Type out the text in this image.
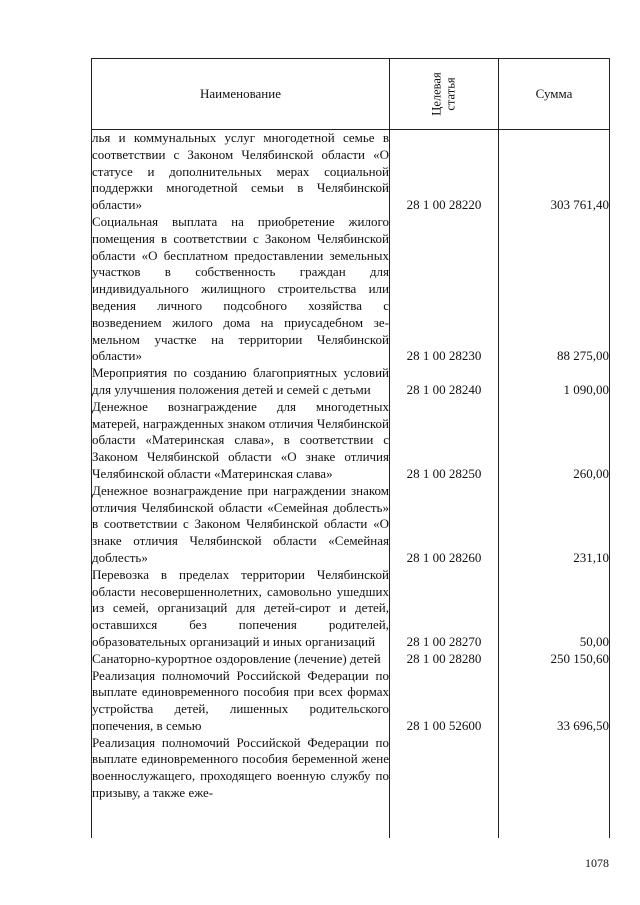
Наименование	Целевая статья	Сумма
лья и коммунальных услуг многодетной семье в соответствии с Законом Челябинской области «О статусе и дополнительных мерах социальной поддержки многодетной семьи в Челябинской области»	28 1 00 28220	303 761,40
Социальная выплата на приобретение жилого помещения в соответствии с Законом Челябинской области «О бесплатном предоставлении земельных участков в собственность граждан для индивидуального жилищного строительства или ведения личного подсобного хозяйства с возведением жилого дома на приусадебном земельном участке на территории Челябинской области»	28 1 00 28230	88 275,00
Мероприятия по созданию благоприятных условий для улучшения положения детей и семей с детьми	28 1 00 28240	1 090,00
Денежное вознаграждение для многодетных матерей, награжденных знаком отличия Челябинской области «Материнская слава», в соответствии с Законом Челябинской области «О знаке отличия Челябинской области «Материнская слава»	28 1 00 28250	260,00
Денежное вознаграждение при награждении знаком отличия Челябинской области «Семейная доблесть» в соответствии с Законом Челябинской области «О знаке отличия Челябинской области «Семейная доблесть»	28 1 00 28260	231,10
Перевозка в пределах территории Челябинской области несовершеннолетних, самовольно ушедших из семей, организаций для детей-сирот и детей, оставшихся без попечения родителей, образовательных организаций и иных организаций	28 1 00 28270	50,00
Санаторно-курортное оздоровление (лечение) детей	28 1 00 28280	250 150,60
Реализация полномочий Российской Федерации по выплате единовременного пособия при всех формах устройства детей, лишенных родительского попечения, в семью	28 1 00 52600	33 696,50
Реализация полномочий Российской Федерации по выплате единовременного пособия беременной жене военнослужащего, проходящего военную службу по призыву, а также еже-		
1078
